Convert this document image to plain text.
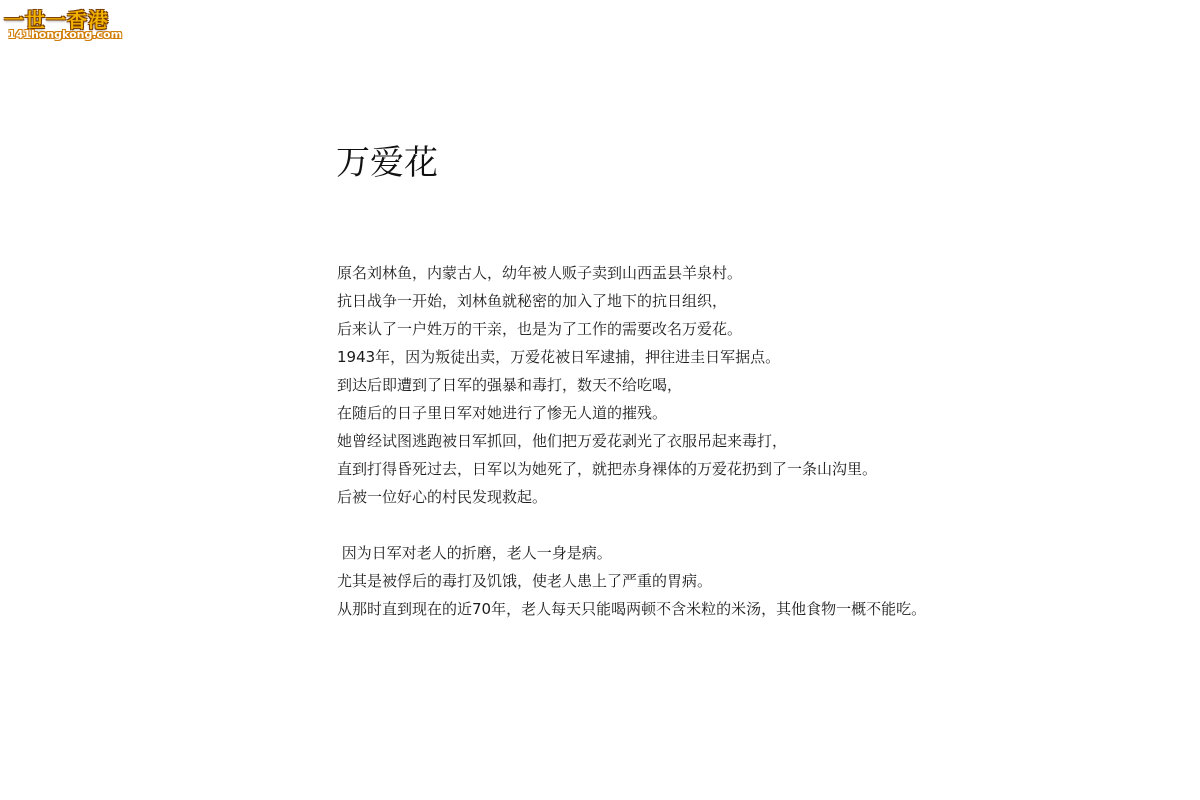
一世一香港
141hongkong.com
万爱花
原名刘林鱼，内蒙古人，幼年被人贩子卖到山西盂县羊泉村。
抗日战争一开始，刘林鱼就秘密的加入了地下的抗日组织，
后来认了一户姓万的干亲，也是为了工作的需要改名万爱花。
1943年，因为叛徒出卖，万爱花被日军逮捕，押往进圭日军据点。
到达后即遭到了日军的强暴和毒打，数天不给吃喝，
在随后的日子里日军对她进行了惨无人道的摧残。
她曾经试图逃跑被日军抓回，他们把万爱花剥光了衣服吊起来毒打，
直到打得昏死过去，日军以为她死了，就把赤身裸体的万爱花扔到了一条山沟里。
后被一位好心的村民发现救起。
因为日军对老人的折磨，老人一身是病。
尤其是被俘后的毒打及饥饿，使老人患上了严重的胃病。
从那时直到现在的近70年，老人每天只能喝两顿不含米粒的米汤，其他食物一概不能吃。
